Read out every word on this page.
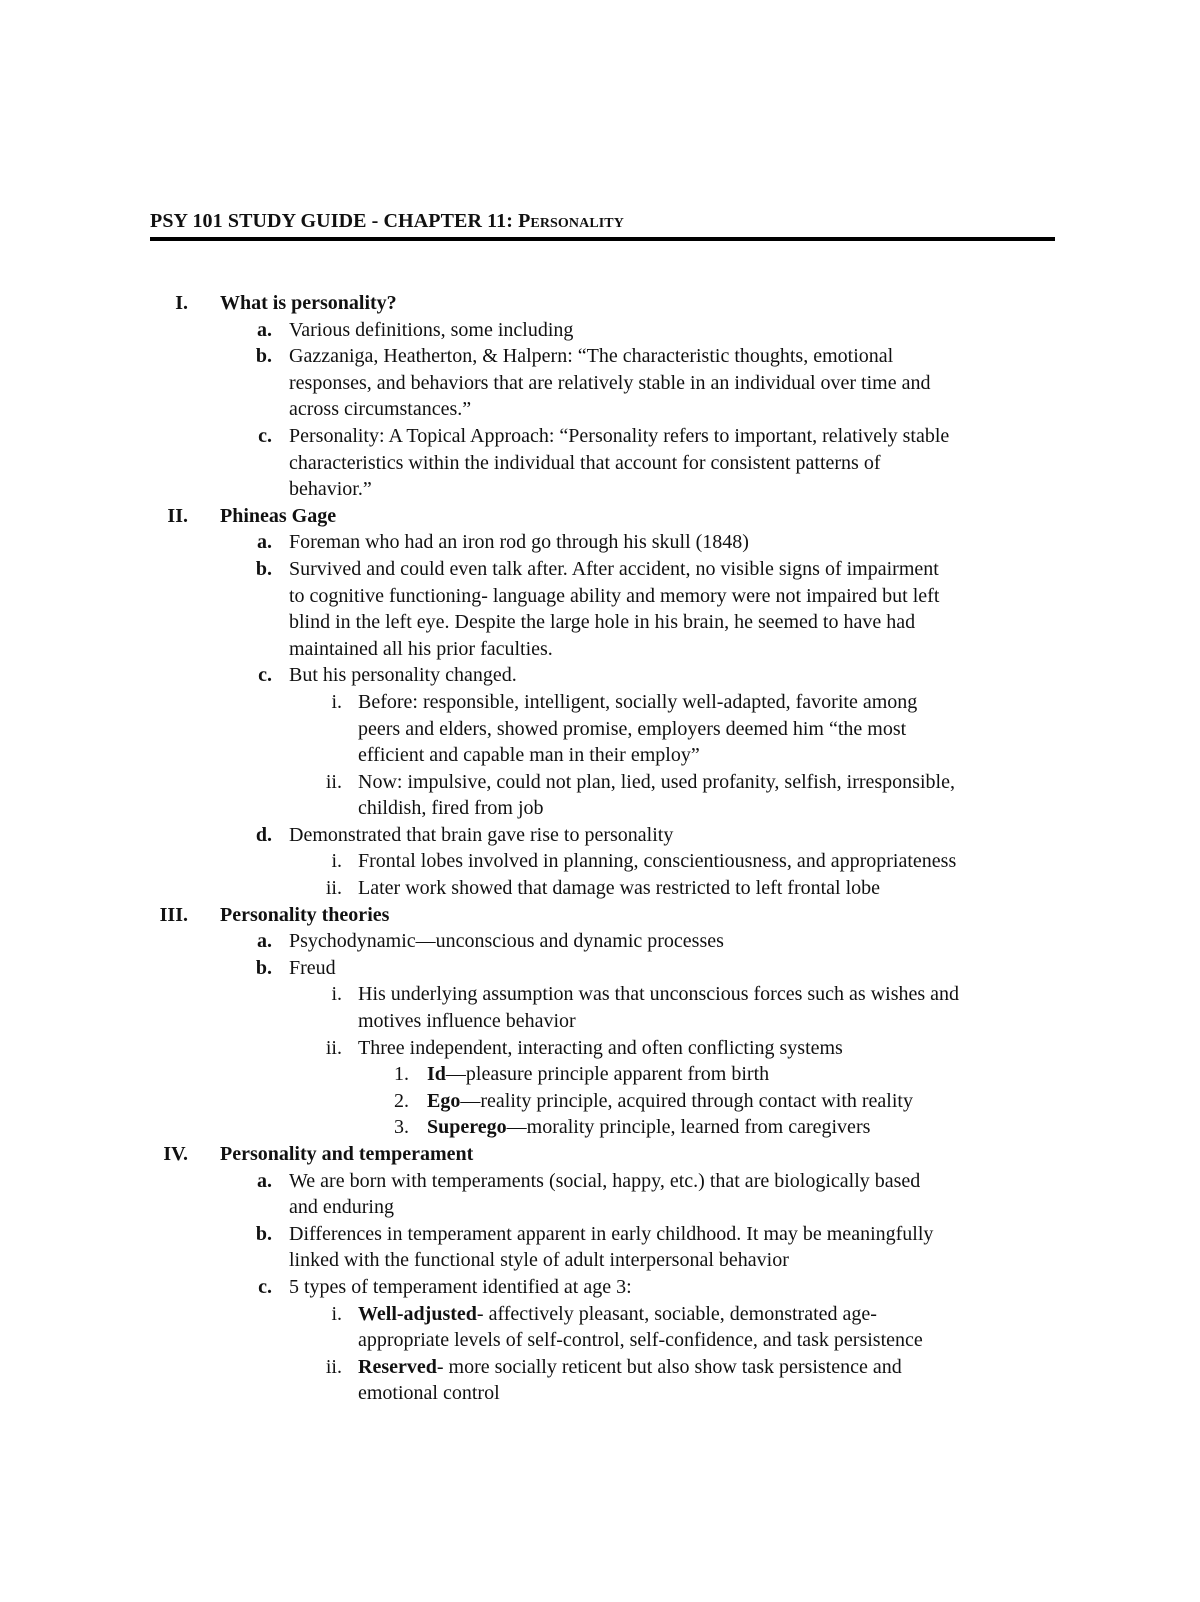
PSY 101 STUDY GUIDE - CHAPTER 11: Personality
I. What is personality?
a. Various definitions, some including
b. Gazzaniga, Heatherton, & Halpern: “The characteristic thoughts, emotional
responses, and behaviors that are relatively stable in an individual over time and
across circumstances.”
c. Personality: A Topical Approach: “Personality refers to important, relatively stable
characteristics within the individual that account for consistent patterns of
behavior.”
II. Phineas Gage
a. Foreman who had an iron rod go through his skull (1848)
b. Survived and could even talk after. After accident, no visible signs of impairment
to cognitive functioning- language ability and memory were not impaired but left
blind in the left eye. Despite the large hole in his brain, he seemed to have had
maintained all his prior faculties.
c. But his personality changed.
i. Before: responsible, intelligent, socially well-adapted, favorite among
peers and elders, showed promise, employers deemed him “the most
efficient and capable man in their employ”
ii. Now: impulsive, could not plan, lied, used profanity, selfish, irresponsible,
childish, fired from job
d. Demonstrated that brain gave rise to personality
i. Frontal lobes involved in planning, conscientiousness, and appropriateness
ii. Later work showed that damage was restricted to left frontal lobe
III. Personality theories
a. Psychodynamic—unconscious and dynamic processes
b. Freud
i. His underlying assumption was that unconscious forces such as wishes and
motives influence behavior
ii. Three independent, interacting and often conflicting systems
1. Id—pleasure principle apparent from birth
2. Ego—reality principle, acquired through contact with reality
3. Superego—morality principle, learned from caregivers
IV. Personality and temperament
a. We are born with temperaments (social, happy, etc.) that are biologically based
and enduring
b. Differences in temperament apparent in early childhood. It may be meaningfully
linked with the functional style of adult interpersonal behavior
c. 5 types of temperament identified at age 3:
i. Well-adjusted- affectively pleasant, sociable, demonstrated age-
appropriate levels of self-control, self-confidence, and task persistence
ii. Reserved- more socially reticent but also show task persistence and
emotional control
